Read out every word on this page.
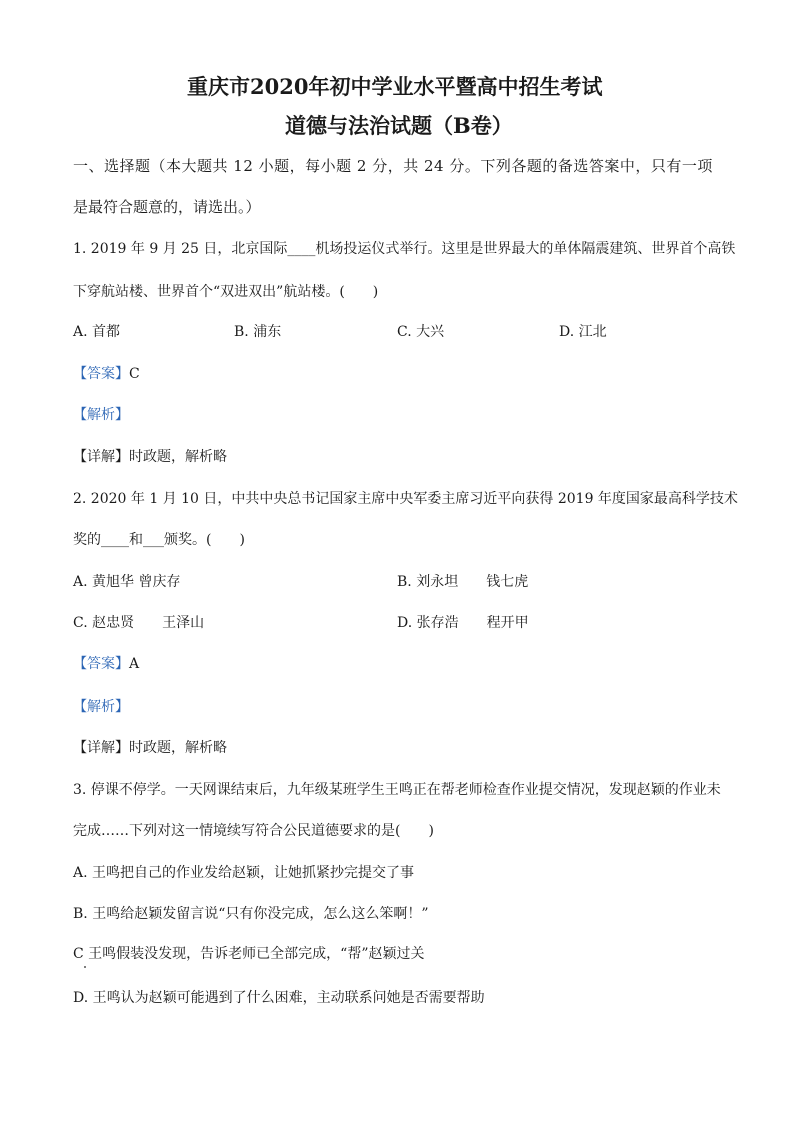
重庆市2020年初中学业水平暨高中招生考试
道德与法治试题（B卷）
一、选择题（本大题共 12 小题，每小题 2 分，共 24 分。下列各题的备选答案中，只有一项
是最符合题意的，请选出。）
1. 2019 年 9 月 25 日，北京国际____机场投运仪式举行。这里是世界最大的单体隔震建筑、世界首个高铁
下穿航站楼、世界首个“双进双出”航站楼。(　　)
A. 首都	B. 浦东	C. 大兴	D. 江北
【答案】C
【解析】
【详解】时政题，解析略
2. 2020 年 1 月 10 日，中共中央总书记国家主席中央军委主席习近平向获得 2019 年度国家最高科学技术
奖的____和___颁奖。(　　)
A. 黄旭华 曾庆存	B. 刘永坦　　钱七虎
C. 赵忠贤　　王泽山	D. 张存浩　　程开甲
【答案】A
【解析】
【详解】时政题，解析略
3. 停课不停学。一天网课结束后，九年级某班学生王鸣正在帮老师检查作业提交情况，发现赵颖的作业未
完成……下列对这一情境续写符合公民道德要求的是(　　)
A. 王鸣把自己的作业发给赵颖，让她抓紧抄完提交了事
B. 王鸣给赵颖发留言说“只有你没完成，怎么这么笨啊！”
C 王鸣假装没发现，告诉老师已全部完成，“帮”赵颖过关
D. 王鸣认为赵颖可能遇到了什么困难，主动联系问她是否需要帮助
